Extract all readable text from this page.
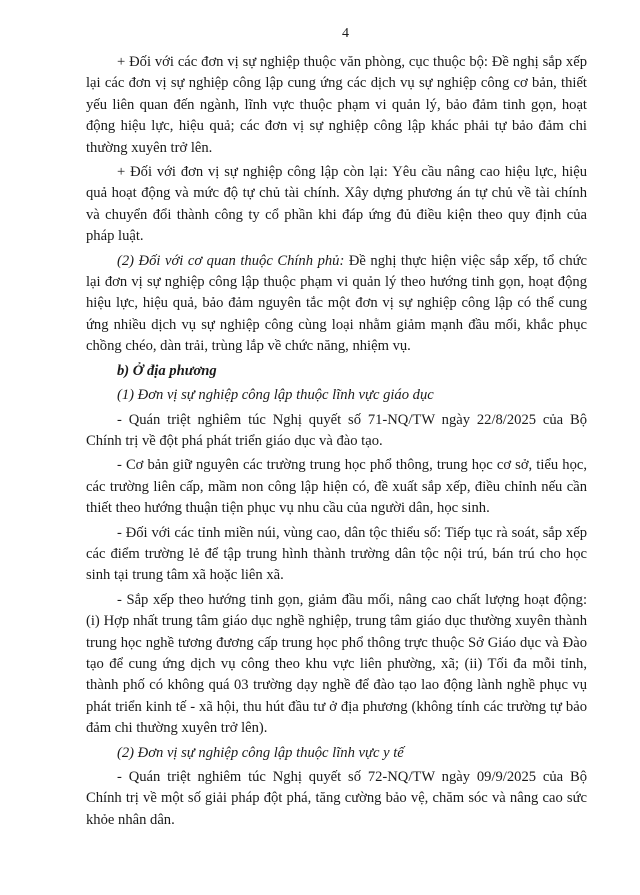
4

+ Đối với các đơn vị sự nghiệp thuộc văn phòng, cục thuộc bộ: Đề nghị sắp xếp lại các đơn vị sự nghiệp công lập cung ứng các dịch vụ sự nghiệp công cơ bản, thiết yếu liên quan đến ngành, lĩnh vực thuộc phạm vi quản lý, bảo đảm tinh gọn, hoạt động hiệu lực, hiệu quả; các đơn vị sự nghiệp công lập khác phải tự bảo đảm chi thường xuyên trở lên.

+ Đối với đơn vị sự nghiệp công lập còn lại: Yêu cầu nâng cao hiệu lực, hiệu quả hoạt động và mức độ tự chủ tài chính. Xây dựng phương án tự chủ về tài chính và chuyển đổi thành công ty cổ phần khi đáp ứng đủ điều kiện theo quy định của pháp luật.

(2) Đối với cơ quan thuộc Chính phủ: Đề nghị thực hiện việc sắp xếp, tổ chức lại đơn vị sự nghiệp công lập thuộc phạm vi quản lý theo hướng tinh gọn, hoạt động hiệu lực, hiệu quả, bảo đảm nguyên tắc một đơn vị sự nghiệp công lập có thể cung ứng nhiều dịch vụ sự nghiệp công cùng loại nhằm giảm mạnh đầu mối, khắc phục chồng chéo, dàn trải, trùng lắp về chức năng, nhiệm vụ.

b) Ở địa phương

(1) Đơn vị sự nghiệp công lập thuộc lĩnh vực giáo dục

- Quán triệt nghiêm túc Nghị quyết số 71-NQ/TW ngày 22/8/2025 của Bộ Chính trị về đột phá phát triển giáo dục và đào tạo.

- Cơ bản giữ nguyên các trường trung học phổ thông, trung học cơ sở, tiểu học, các trường liên cấp, mầm non công lập hiện có, đề xuất sắp xếp, điều chỉnh nếu cần thiết theo hướng thuận tiện phục vụ nhu cầu của người dân, học sinh.

- Đối với các tỉnh miền núi, vùng cao, dân tộc thiểu số: Tiếp tục rà soát, sắp xếp các điểm trường lẻ để tập trung hình thành trường dân tộc nội trú, bán trú cho học sinh tại trung tâm xã hoặc liên xã.

- Sắp xếp theo hướng tinh gọn, giảm đầu mối, nâng cao chất lượng hoạt động: (i) Hợp nhất trung tâm giáo dục nghề nghiệp, trung tâm giáo dục thường xuyên thành trung học nghề tương đương cấp trung học phổ thông trực thuộc Sở Giáo dục và Đào tạo để cung ứng dịch vụ công theo khu vực liên phường, xã; (ii) Tối đa mỗi tỉnh, thành phố có không quá 03 trường dạy nghề để đào tạo lao động lành nghề phục vụ phát triển kinh tế - xã hội, thu hút đầu tư ở địa phương (không tính các trường tự bảo đảm chi thường xuyên trở lên).

(2) Đơn vị sự nghiệp công lập thuộc lĩnh vực y tế

- Quán triệt nghiêm túc Nghị quyết số 72-NQ/TW ngày 09/9/2025 của Bộ Chính trị về một số giải pháp đột phá, tăng cường bảo vệ, chăm sóc và nâng cao sức khỏe nhân dân.
